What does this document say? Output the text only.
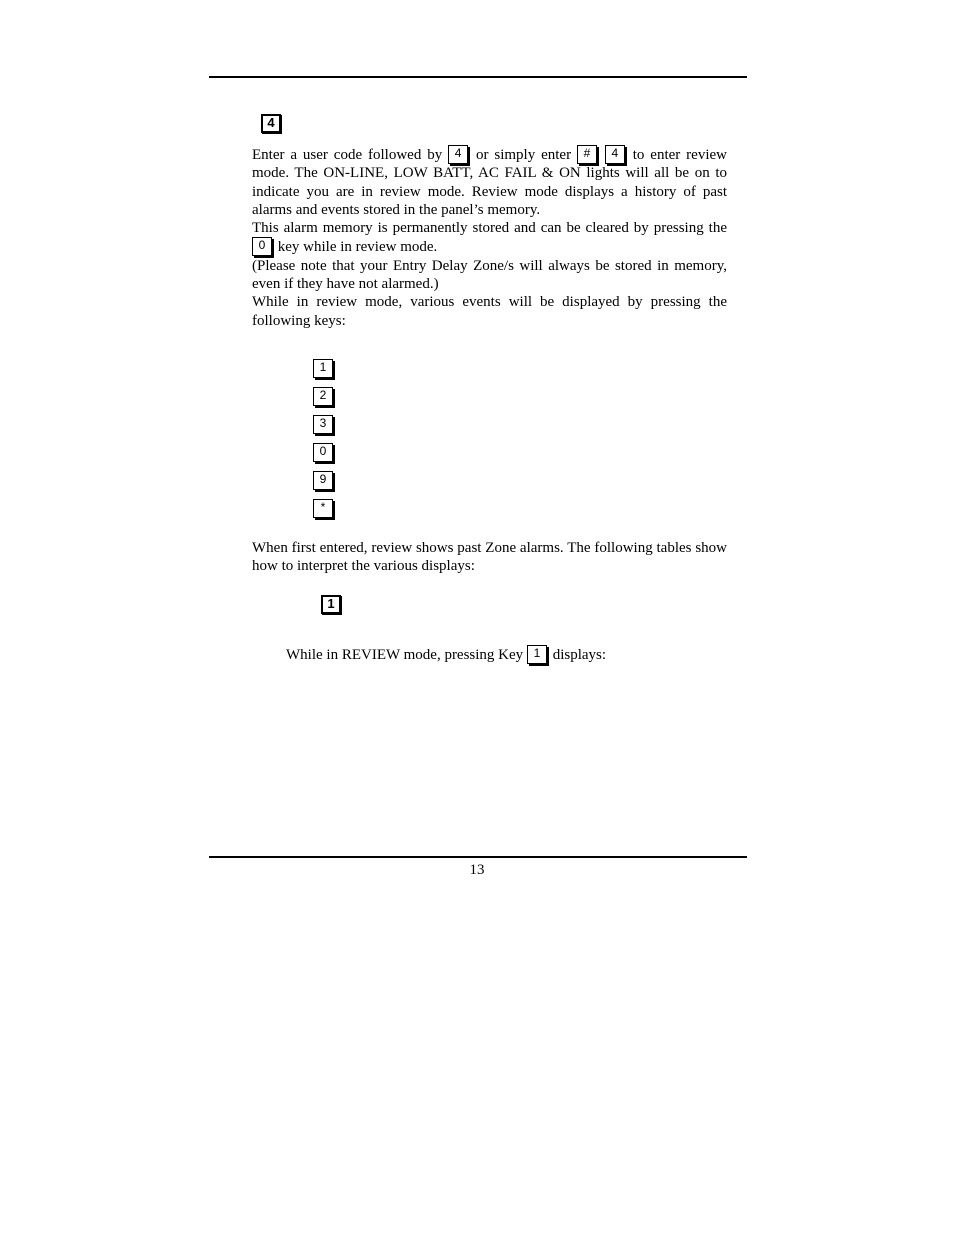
4

Enter a user code followed by 4 or simply enter # 4 to enter review mode. The ON-LINE, LOW BATT, AC FAIL & ON lights will all be on to indicate you are in review mode. Review mode displays a history of past alarms and events stored in the panel’s memory.

This alarm memory is permanently stored and can be cleared by pressing the 0 key while in review mode.

(Please note that your Entry Delay Zone/s will always be stored in memory, even if they have not alarmed.)

While in review mode, various events will be displayed by pressing the following keys:

1
2
3
0
9
*

When first entered, review shows past Zone alarms. The following tables show how to interpret the various displays:

1
While in REVIEW mode, pressing Key 1 displays:
13
